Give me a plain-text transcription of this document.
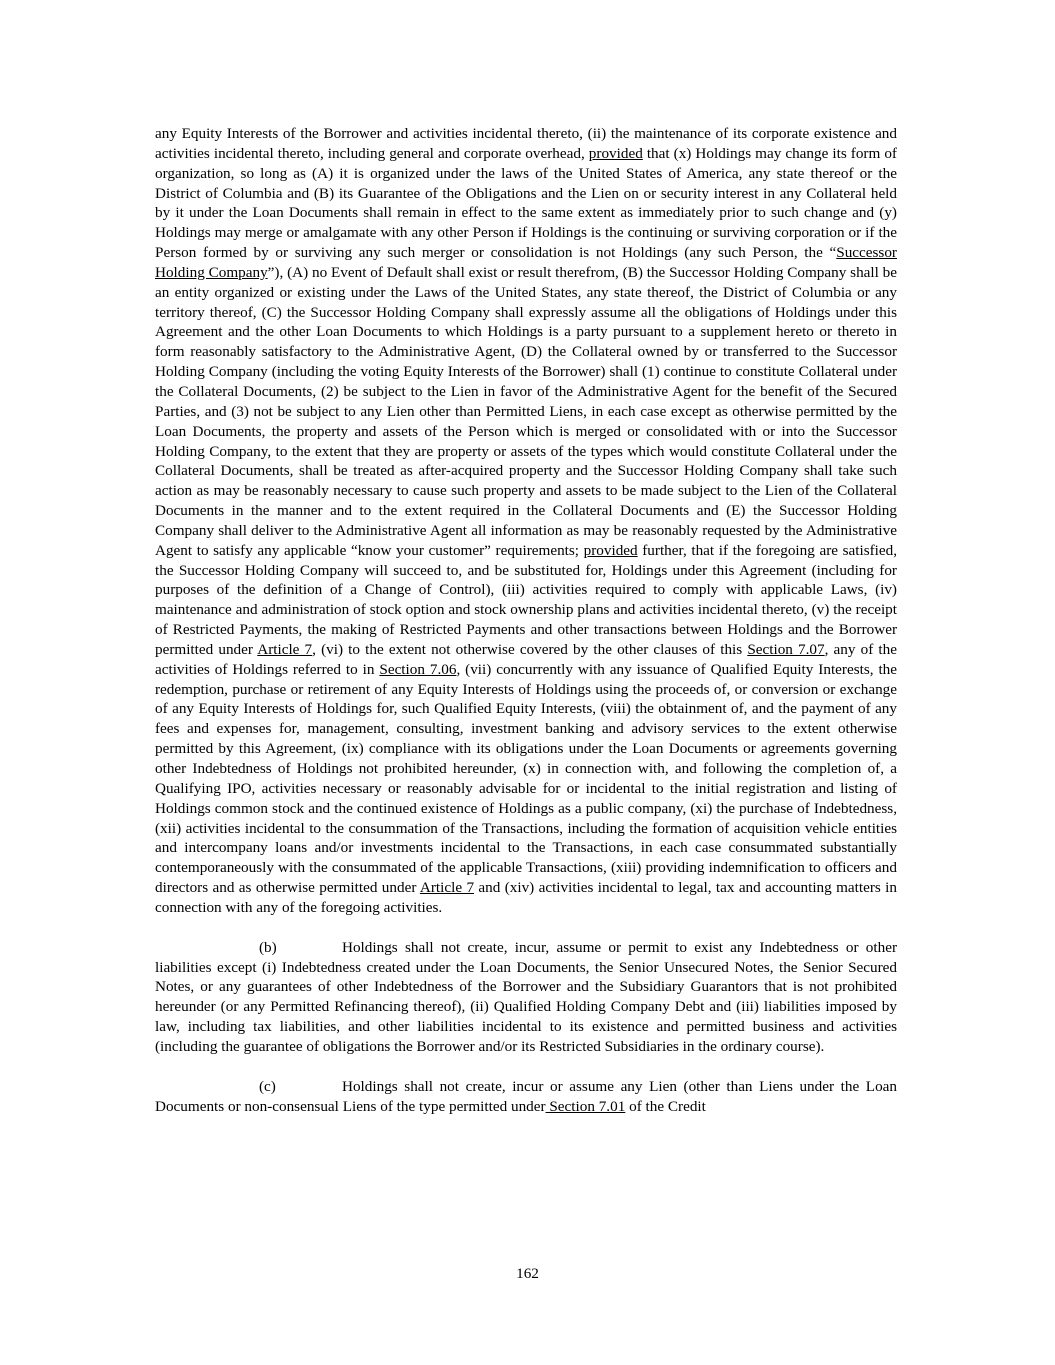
any Equity Interests of the Borrower and activities incidental thereto, (ii) the maintenance of its corporate existence and activities incidental thereto, including general and corporate overhead, provided that (x) Holdings may change its form of organization, so long as (A) it is organized under the laws of the United States of America, any state thereof or the District of Columbia and (B) its Guarantee of the Obligations and the Lien on or security interest in any Collateral held by it under the Loan Documents shall remain in effect to the same extent as immediately prior to such change and (y) Holdings may merge or amalgamate with any other Person if Holdings is the continuing or surviving corporation or if the Person formed by or surviving any such merger or consolidation is not Holdings (any such Person, the “Successor Holding Company”), (A) no Event of Default shall exist or result therefrom, (B) the Successor Holding Company shall be an entity organized or existing under the Laws of the United States, any state thereof, the District of Columbia or any territory thereof, (C) the Successor Holding Company shall expressly assume all the obligations of Holdings under this Agreement and the other Loan Documents to which Holdings is a party pursuant to a supplement hereto or thereto in form reasonably satisfactory to the Administrative Agent, (D) the Collateral owned by or transferred to the Successor Holding Company (including the voting Equity Interests of the Borrower) shall (1) continue to constitute Collateral under the Collateral Documents, (2) be subject to the Lien in favor of the Administrative Agent for the benefit of the Secured Parties, and (3) not be subject to any Lien other than Permitted Liens, in each case except as otherwise permitted by the Loan Documents, the property and assets of the Person which is merged or consolidated with or into the Successor Holding Company, to the extent that they are property or assets of the types which would constitute Collateral under the Collateral Documents, shall be treated as after-acquired property and the Successor Holding Company shall take such action as may be reasonably necessary to cause such property and assets to be made subject to the Lien of the Collateral Documents in the manner and to the extent required in the Collateral Documents and (E) the Successor Holding Company shall deliver to the Administrative Agent all information as may be reasonably requested by the Administrative Agent to satisfy any applicable “know your customer” requirements; provided further, that if the foregoing are satisfied, the Successor Holding Company will succeed to, and be substituted for, Holdings under this Agreement (including for purposes of the definition of a Change of Control), (iii) activities required to comply with applicable Laws, (iv) maintenance and administration of stock option and stock ownership plans and activities incidental thereto, (v) the receipt of Restricted Payments, the making of Restricted Payments and other transactions between Holdings and the Borrower permitted under Article 7, (vi) to the extent not otherwise covered by the other clauses of this Section 7.07, any of the activities of Holdings referred to in Section 7.06, (vii) concurrently with any issuance of Qualified Equity Interests, the redemption, purchase or retirement of any Equity Interests of Holdings using the proceeds of, or conversion or exchange of any Equity Interests of Holdings for, such Qualified Equity Interests, (viii) the obtainment of, and the payment of any fees and expenses for, management, consulting, investment banking and advisory services to the extent otherwise permitted by this Agreement, (ix) compliance with its obligations under the Loan Documents or agreements governing other Indebtedness of Holdings not prohibited hereunder, (x) in connection with, and following the completion of, a Qualifying IPO, activities necessary or reasonably advisable for or incidental to the initial registration and listing of Holdings common stock and the continued existence of Holdings as a public company, (xi) the purchase of Indebtedness, (xii) activities incidental to the consummation of the Transactions, including the formation of acquisition vehicle entities and intercompany loans and/or investments incidental to the Transactions, in each case consummated substantially contemporaneously with the consummated of the applicable Transactions, (xiii) providing indemnification to officers and directors and as otherwise permitted under Article 7 and (xiv) activities incidental to legal, tax and accounting matters in connection with any of the foregoing activities.

(b)	Holdings shall not create, incur, assume or permit to exist any Indebtedness or other liabilities except (i) Indebtedness created under the Loan Documents, the Senior Unsecured Notes, the Senior Secured Notes, or any guarantees of other Indebtedness of the Borrower and the Subsidiary Guarantors that is not prohibited hereunder (or any Permitted Refinancing thereof), (ii) Qualified Holding Company Debt and (iii) liabilities imposed by law, including tax liabilities, and other liabilities incidental to its existence and permitted business and activities (including the guarantee of obligations the Borrower and/or its Restricted Subsidiaries in the ordinary course).

(c)	Holdings shall not create, incur or assume any Lien (other than Liens under the Loan Documents or non-consensual Liens of the type permitted under Section 7.01 of the Credit

162
